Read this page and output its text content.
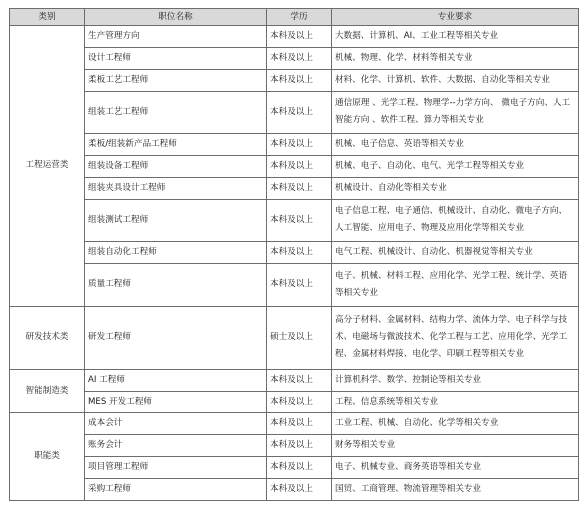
类别	职位名称	学历	专业要求
工程运营类	生产管理方向	本科及以上	大数据、计算机、AI、工业工程等相关专业
	设计工程师	本科及以上	机械、物理、化学、材料等相关专业
	柔板工艺工程师	本科及以上	材料、化学、计算机、软件、大数据、自动化等相关专业
	组装工艺工程师	本科及以上	通信原理 、光学工程、物理学--力学方向、 微电子方向、人工智能方向 、软件工程、算力等相关专业
	柔板/组装新产品工程师	本科及以上	机械、电子信息、英语等相关专业
	组装设备工程师	本科及以上	机械、电子、自动化、电气、光学工程等相关专业
	组装夹具设计工程师	本科及以上	机械设计、自动化等相关专业
	组装测试工程师	本科及以上	电子信息工程、电子通信、机械设计、自动化、微电子方向、人工智能、应用电子、物理及应用化学等相关专业
	组装自动化工程师	本科及以上	电气工程、机械设计、自动化、机器视觉等相关专业
	质量工程师	本科及以上	电子、机械、材料工程、应用化学、光学工程、统计学、英语等相关专业
研发技术类	研发工程师	硕士及以上	高分子材料、金属材料、结构力学、流体力学、电子科学与技术、电磁场与微波技术、化学工程与工艺、应用化学、光学工程、金属材料焊接、电化学、印刷工程等相关专业
智能制造类	AI 工程师	本科及以上	计算机科学、数学、控制论等相关专业
	MES 开发工程师	本科及以上	工程、信息系统等相关专业
职能类	成本会计	本科及以上	工业工程、机械、自动化、化学等相关专业
	账务会计	本科及以上	财务等相关专业
	项目管理工程师	本科及以上	电子、机械专业、商务英语等相关专业
	采购工程师	本科及以上	国贸、工商管理、物流管理等相关专业
